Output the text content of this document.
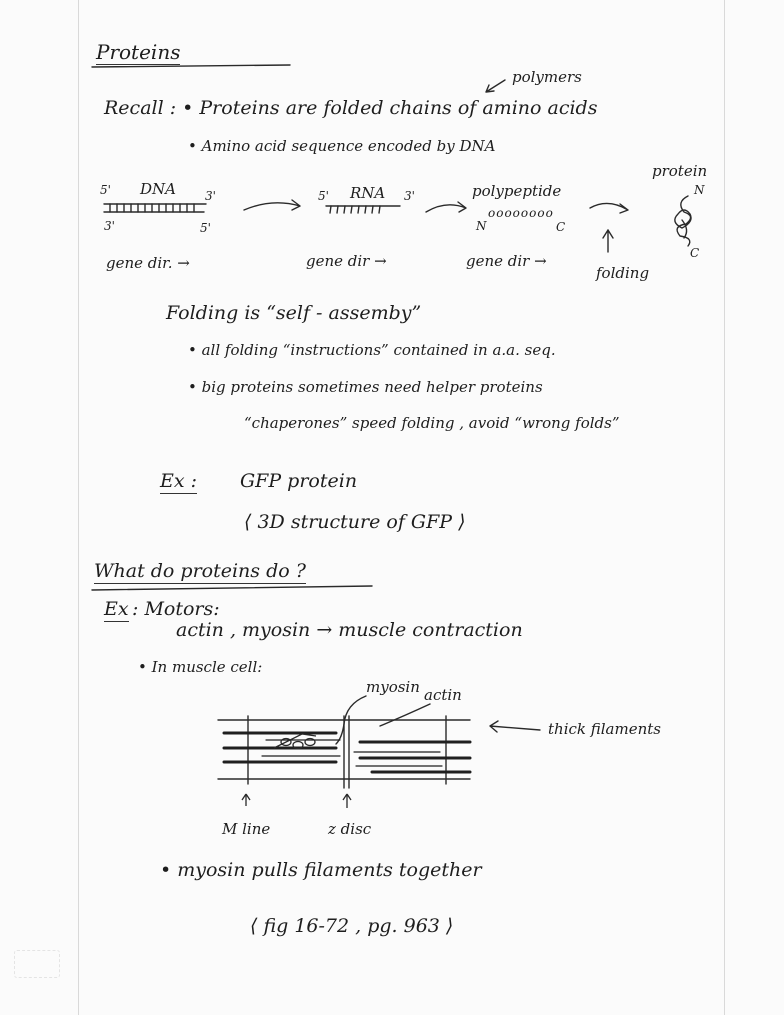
Proteins
polymers
Recall : • Proteins are folded chains of amino acids
• Amino acid sequence encoded by DNA
5' DNA 3'
3'	5'
5' RNA 3'	polypeptide
oooooooo
N	C
protein
N
C
gene dir. →	gene dir →	gene dir →
folding
Folding is “self - assemby”
• all folding “instructions” contained in a.a. seq.
• big proteins sometimes need helper proteins
“chaperones” speed folding , avoid “wrong folds”
Ex : GFP protein
⟨ 3D structure of GFP ⟩
What do proteins do ?
Ex : Motors:
actin , myosin → muscle contraction
• In muscle cell:
myosin actin
thick filaments
M line	z disc
• myosin pulls filaments together
⟨ fig 16-72 , pg. 963 ⟩
